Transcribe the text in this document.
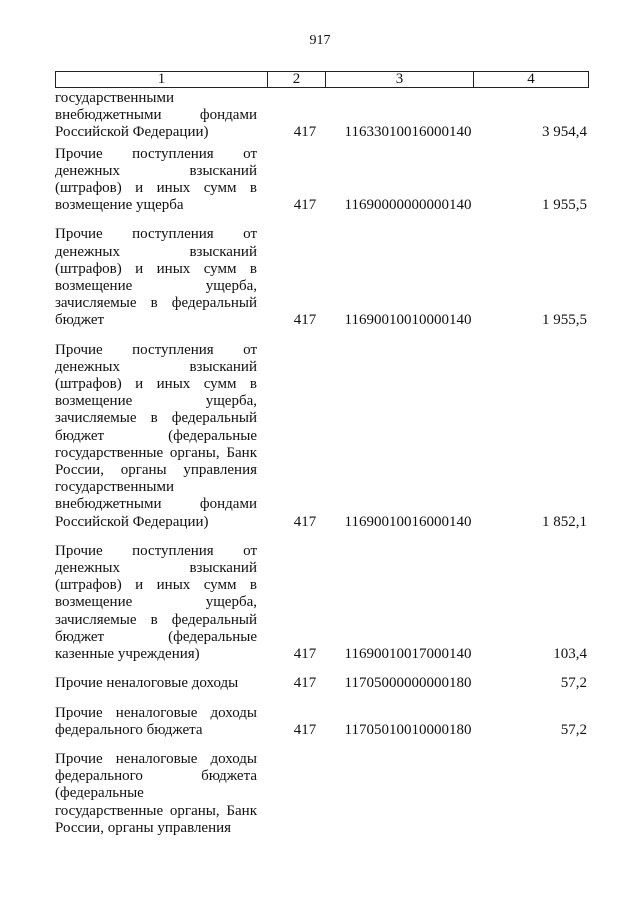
917
1	2	3	4
государственными
внебюджетными фондами
Российской Федерации)	417	11633010016000140	3 954,4
Прочие поступления от
денежных взысканий
(штрафов) и иных сумм в
возмещение ущерба	417	11690000000000140	1 955,5
Прочие поступления от
денежных взысканий
(штрафов) и иных сумм в
возмещение ущерба,
зачисляемые в федеральный
бюджет	417	11690010010000140	1 955,5
Прочие поступления от
денежных взысканий
(штрафов) и иных сумм в
возмещение ущерба,
зачисляемые в федеральный
бюджет (федеральные
государственные органы, Банк
России, органы управления
государственными
внебюджетными фондами
Российской Федерации)	417	11690010016000140	1 852,1
Прочие поступления от
денежных взысканий
(штрафов) и иных сумм в
возмещение ущерба,
зачисляемые в федеральный
бюджет (федеральные
казенные учреждения)	417	11690010017000140	103,4
Прочие неналоговые доходы	417	11705000000000180	57,2
Прочие неналоговые доходы
федерального бюджета	417	11705010010000180	57,2
Прочие неналоговые доходы
федерального бюджета
(федеральные
государственные органы, Банк
России, органы управления
